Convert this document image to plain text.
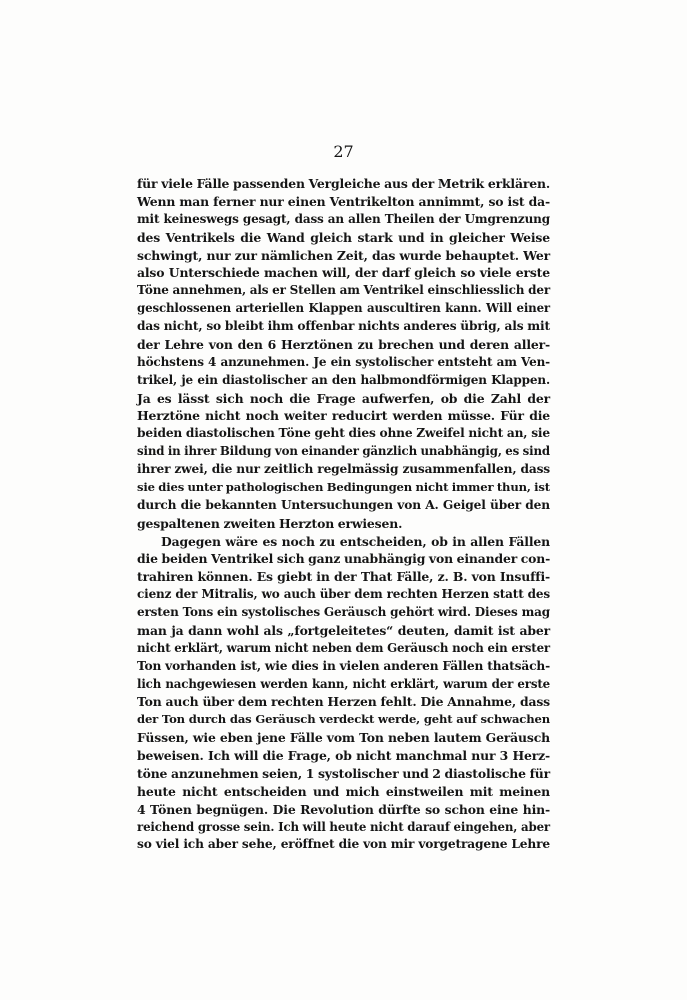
27
für viele Fälle passenden Vergleiche aus der Metrik erklären.
Wenn man ferner nur einen Ventrikelton annimmt, so ist da-
mit keineswegs gesagt, dass an allen Theilen der Umgrenzung
des Ventrikels die Wand gleich stark und in gleicher Weise
schwingt, nur zur nämlichen Zeit, das wurde behauptet. Wer
also Unterschiede machen will, der darf gleich so viele erste
Töne annehmen, als er Stellen am Ventrikel einschliesslich der
geschlossenen arteriellen Klappen auscultiren kann. Will einer
das nicht, so bleibt ihm offenbar nichts anderes übrig, als mit
der Lehre von den 6 Herztönen zu brechen und deren aller-
höchstens 4 anzunehmen. Je ein systolischer entsteht am Ven-
trikel, je ein diastolischer an den halbmondförmigen Klappen.
Ja es lässt sich noch die Frage aufwerfen, ob die Zahl der
Herztöne nicht noch weiter reducirt werden müsse. Für die
beiden diastolischen Töne geht dies ohne Zweifel nicht an, sie
sind in ihrer Bildung von einander gänzlich unabhängig, es sind
ihrer zwei, die nur zeitlich regelmässig zusammenfallen, dass
sie dies unter pathologischen Bedingungen nicht immer thun, ist
durch die bekannten Untersuchungen von A. Geigel über den
gespaltenen zweiten Herzton erwiesen.
Dagegen wäre es noch zu entscheiden, ob in allen Fällen
die beiden Ventrikel sich ganz unabhängig von einander con-
trahiren können. Es giebt in der That Fälle, z. B. von Insuffi-
cienz der Mitralis, wo auch über dem rechten Herzen statt des
ersten Tons ein systolisches Geräusch gehört wird. Dieses mag
man ja dann wohl als „fortgeleitetes“ deuten, damit ist aber
nicht erklärt, warum nicht neben dem Geräusch noch ein erster
Ton vorhanden ist, wie dies in vielen anderen Fällen thatsäch-
lich nachgewiesen werden kann, nicht erklärt, warum der erste
Ton auch über dem rechten Herzen fehlt. Die Annahme, dass
der Ton durch das Geräusch verdeckt werde, geht auf schwachen
Füssen, wie eben jene Fälle vom Ton neben lautem Geräusch
beweisen. Ich will die Frage, ob nicht manchmal nur 3 Herz-
töne anzunehmen seien, 1 systolischer und 2 diastolische für
heute nicht entscheiden und mich einstweilen mit meinen
4 Tönen begnügen. Die Revolution dürfte so schon eine hin-
reichend grosse sein. Ich will heute nicht darauf eingehen, aber
so viel ich aber sehe, eröffnet die von mir vorgetragene Lehre
